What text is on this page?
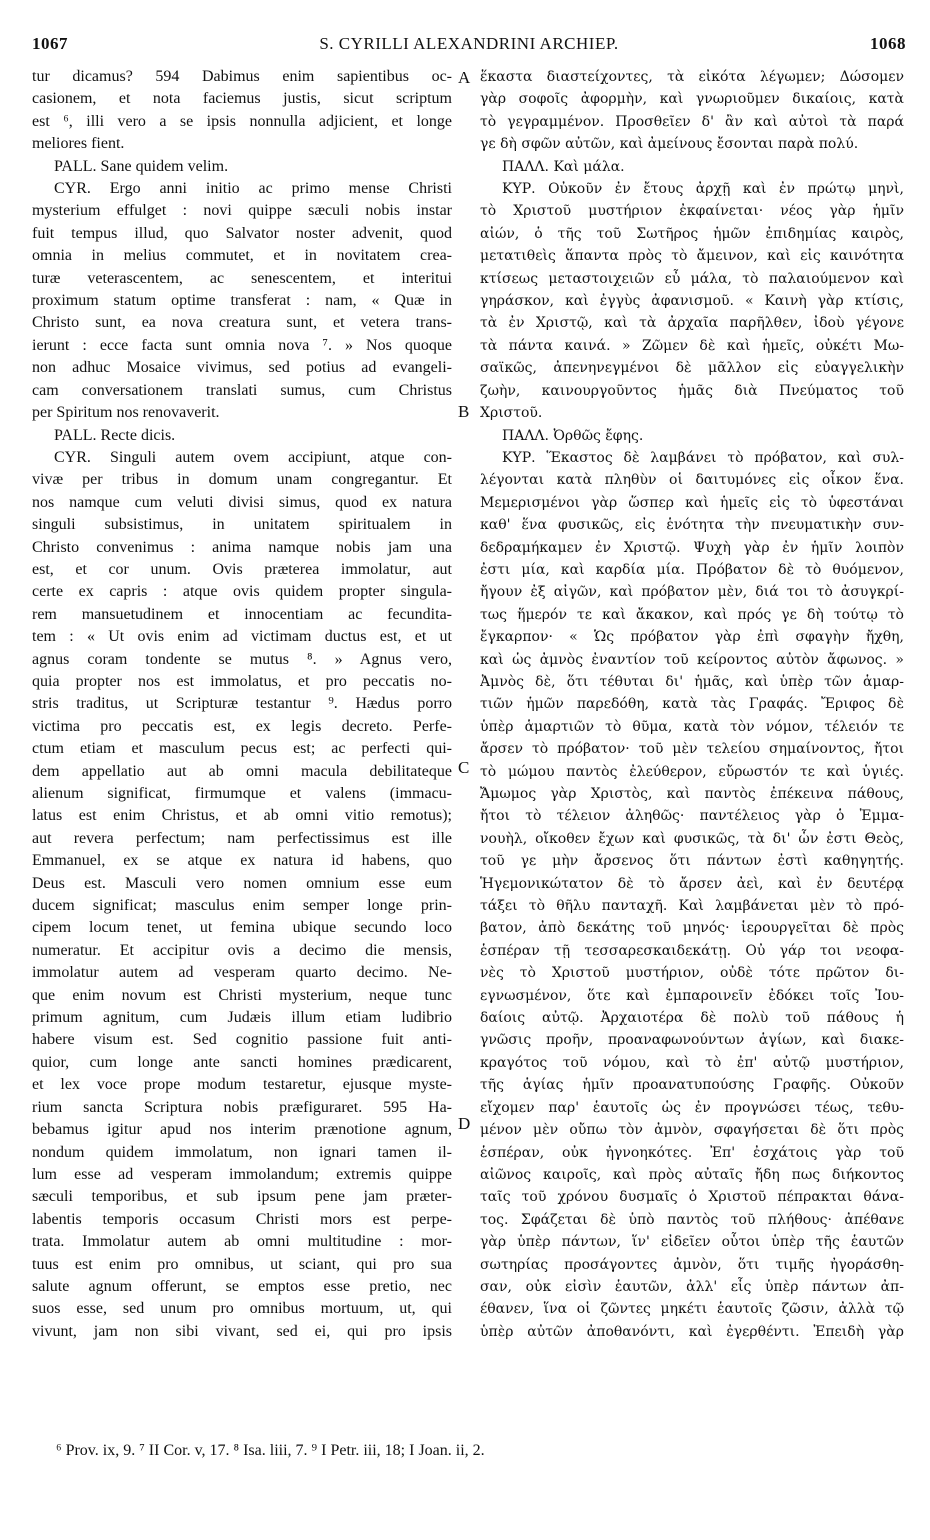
1067	S. CYRILLI ALEXANDRINI ARCHIEP.	1068
tur dicamus? 594 Dabimus enim sapientibus oc-
casionem, et nota faciemus justis, sicut scriptum
est ⁶, illi vero a se ipsis nonnulla adjicient, et longe
meliores fient.
PALL. Sane quidem velim.
CYR. Ergo anni initio ac primo mense Christi
mysterium effulget : novi quippe sæculi nobis instar
fuit tempus illud, quo Salvator noster advenit, quod
omnia in melius commutet, et in novitatem crea-
turæ veterascentem, ac senescentem, et interitui
proximum statum optime transferat : nam, « Quæ in
Christo sunt, ea nova creatura sunt, et vetera trans-
ierunt : ecce facta sunt omnia nova ⁷. » Nos quoque
non adhuc Mosaice vivimus, sed potius ad evangeli-
cam conversationem translati sumus, cum Christus
per Spiritum nos renovaverit.
PALL. Recte dicis.
CYR. Singuli autem ovem accipiunt, atque con-
vivæ per tribus in domum unam congregantur. Et
nos namque cum veluti divisi simus, quod ex natura
singuli subsistimus, in unitatem spiritualem in
Christo convenimus : anima namque nobis jam una
est, et cor unum. Ovis præterea immolatur, aut
certe ex capris : atque ovis quidem propter singula-
rem mansuetudinem et innocentiam ac fecundita-
tem : « Ut ovis enim ad victimam ductus est, et ut
agnus coram tondente se mutus ⁸. » Agnus vero,
quia propter nos est immolatus, et pro peccatis no-
stris traditus, ut Scripturæ testantur ⁹. Hædus porro
victima pro peccatis est, ex legis decreto. Perfe-
ctum etiam et masculum pecus est; ac perfecti qui-
dem appellatio aut ab omni macula debilitateque
alienum significat, firmumque et valens (immacu-
latus est enim Christus, et ab omni vitio remotus);
aut revera perfectum; nam perfectissimus est ille
Emmanuel, ex se atque ex natura id habens, quo
Deus est. Masculi vero nomen omnium esse eum
ducem significat; masculus enim semper longe prin-
cipem locum tenet, ut femina ubique secundo loco
numeratur. Et accipitur ovis a decimo die mensis,
immolatur autem ad vesperam quarto decimo. Ne-
que enim novum est Christi mysterium, neque tunc
primum agnitum, cum Judæis illum etiam ludibrio
habere visum est. Sed cognitio passione fuit anti-
quior, cum longe ante sancti homines prædicarent,
et lex voce prope modum testaretur, ejusque myste-
rium sancta Scriptura nobis præfiguraret. 595 Ha-
bebamus igitur apud nos interim prænotione agnum,
nondum quidem immolatum, non ignari tamen il-
lum esse ad vesperam immolandum; extremis quippe
sæculi temporibus, et sub ipsum pene jam præter-
labentis temporis occasum Christi mors est perpe-
trata. Immolatur autem ab omni multitudine : mor-
tuus est enim pro omnibus, ut sciant, qui pro sua
salute agnum offerunt, se emptos esse pretio, nec
suos esse, sed unum pro omnibus mortuum, ut, qui
vivunt, jam non sibi vivant, sed ei, qui pro ipsis
ἕκαστα διαστείχοντες, τὰ εἰκότα λέγωμεν; Δώσομεν
γὰρ σοφοῖς ἀφορμὴν, καὶ γνωριοῦμεν δικαίοις, κατὰ
τὸ γεγραμμένον. Προσθεῖεν δ' ἂν καὶ αὐτοὶ τὰ παρά
γε δὴ σφῶν αὐτῶν, καὶ ἀμείνους ἔσονται παρὰ πολύ.
ΠΑΛΛ. Καὶ μάλα.
ΚΥΡ. Οὐκοῦν ἐν ἔτους ἀρχῇ καὶ ἐν πρώτῳ μηνὶ,
τὸ Χριστοῦ μυστήριον ἐκφαίνεται· νέος γὰρ ἡμῖν
αἰών, ὁ τῆς τοῦ Σωτῆρος ἡμῶν ἐπιδημίας καιρὸς,
μετατιθεὶς ἅπαντα πρὸς τὸ ἄμεινον, καὶ εἰς καινότητα
κτίσεως μεταστοιχειῶν εὖ μάλα, τὸ παλαιούμενον καὶ
γηράσκον, καὶ ἐγγὺς ἀφανισμοῦ. « Καινὴ γὰρ κτίσις,
τὰ ἐν Χριστῷ, καὶ τὰ ἀρχαῖα παρῆλθεν, ἰδοὺ γέγονε
τὰ πάντα καινά. » Ζῶμεν δὲ καὶ ἡμεῖς, οὐκέτι Μω-
σαϊκῶς, ἀπενηνεγμένοι δὲ μᾶλλον εἰς εὐαγγελικὴν
ζωὴν, καινουργοῦντος ἡμᾶς διὰ Πνεύματος τοῦ
Χριστοῦ.
ΠΑΛΛ. Ὀρθῶς ἔφης.
ΚΥΡ. Ἕκαστος δὲ λαμβάνει τὸ πρόβατον, καὶ συλ-
λέγονται κατὰ πληθὺν οἱ δαιτυμόνες εἰς οἶκον ἕνα.
Μεμερισμένοι γὰρ ὥσπερ καὶ ἡμεῖς εἰς τὸ ὑφεστάναι
καθ' ἕνα φυσικῶς, εἰς ἑνότητα τὴν πνευματικὴν συν-
δεδραμήκαμεν ἐν Χριστῷ. Ψυχὴ γὰρ ἐν ἡμῖν λοιπὸν
ἐστι μία, καὶ καρδία μία. Πρόβατον δὲ τὸ θυόμενον,
ἤγουν ἐξ αἰγῶν, καὶ πρόβατον μὲν, διά τοι τὸ ἀσυγκρί-
τως ἥμερόν τε καὶ ἄκακον, καὶ πρός γε δὴ τούτῳ τὸ
ἔγκαρπον· « Ὡς πρόβατον γὰρ ἐπὶ σφαγὴν ἤχθη,
καὶ ὡς ἀμνὸς ἐναντίον τοῦ κείροντος αὐτὸν ἄφωνος. »
Ἀμνὸς δὲ, ὅτι τέθυται δι' ἡμᾶς, καὶ ὑπὲρ τῶν ἁμαρ-
τιῶν ἡμῶν παρεδόθη, κατὰ τὰς Γραφάς. Ἔριφος δὲ
ὑπὲρ ἁμαρτιῶν τὸ θῦμα, κατὰ τὸν νόμον, τέλειόν τε
ἄρσεν τὸ πρόβατον· τοῦ μὲν τελείου σημαίνοντος, ἤτοι
τὸ μώμου παντὸς ἐλεύθερον, εὔρωστόν τε καὶ ὑγιές.
Ἄμωμος γὰρ Χριστὸς, καὶ παντὸς ἐπέκεινα πάθους,
ἤτοι τὸ τέλειον ἀληθῶς· παντέλειος γὰρ ὁ Ἐμμα-
νουὴλ, οἴκοθεν ἔχων καὶ φυσικῶς, τὰ δι' ὧν ἐστι Θεὸς,
τοῦ γε μὴν ἄρσενος ὅτι πάντων ἐστὶ καθηγητής.
Ἡγεμονικώτατον δὲ τὸ ἄρσεν ἀεὶ, καὶ ἐν δευτέρᾳ
τάξει τὸ θῆλυ πανταχῆ. Καὶ λαμβάνεται μὲν τὸ πρό-
βατον, ἀπὸ δεκάτης τοῦ μηνός· ἱερουργεῖται δὲ πρὸς
ἑσπέραν τῇ τεσσαρεσκαιδεκάτῃ. Οὐ γάρ τοι νεοφα-
νὲς τὸ Χριστοῦ μυστήριον, οὐδὲ τότε πρῶτον δι-
εγνωσμένον, ὅτε καὶ ἐμπαροινεῖν ἐδόκει τοῖς Ἰου-
δαίοις αὐτῷ. Ἀρχαιοτέρα δὲ πολὺ τοῦ πάθους ἡ
γνῶσις προῆν, προαναφωνούντων ἁγίων, καὶ διακε-
κραγότος τοῦ νόμου, καὶ τὸ ἐπ' αὐτῷ μυστήριον,
τῆς ἁγίας ἡμῖν προανατυπούσης Γραφῆς. Οὐκοῦν
εἴχομεν παρ' ἑαυτοῖς ὡς ἐν προγνώσει τέως, τεθυ-
μένον μὲν οὔπω τὸν ἀμνὸν, σφαγήσεται δὲ ὅτι πρὸς
ἑσπέραν, οὐκ ἠγνοηκότες. Ἐπ' ἐσχάτοις γὰρ τοῦ
αἰῶνος καιροῖς, καὶ πρὸς αὐταῖς ἤδη πως διήκοντος
ταῖς τοῦ χρόνου δυσμαῖς ὁ Χριστοῦ πέπρακται θάνα-
τος. Σφάζεται δὲ ὑπὸ παντὸς τοῦ πλήθους· ἀπέθανε
γὰρ ὑπὲρ πάντων, ἵν' εἰδεῖεν οὗτοι ὑπὲρ τῆς ἑαυτῶν
σωτηρίας προσάγοντες ἀμνὸν, ὅτι τιμῆς ἠγοράσθη-
σαν, οὐκ εἰσὶν ἑαυτῶν, ἀλλ' εἷς ὑπὲρ πάντων ἀπ-
έθανεν, ἵνα οἱ ζῶντες μηκέτι ἑαυτοῖς ζῶσιν, ἀλλὰ τῷ
ὑπὲρ αὐτῶν ἀποθανόντι, καὶ ἐγερθέντι. Ἐπειδὴ γὰρ
A
B
C
D
⁶ Prov. ix, 9. ⁷ II Cor. v, 17. ⁸ Isa. liii, 7. ⁹ I Petr. iii, 18; I Joan. ii, 2.
